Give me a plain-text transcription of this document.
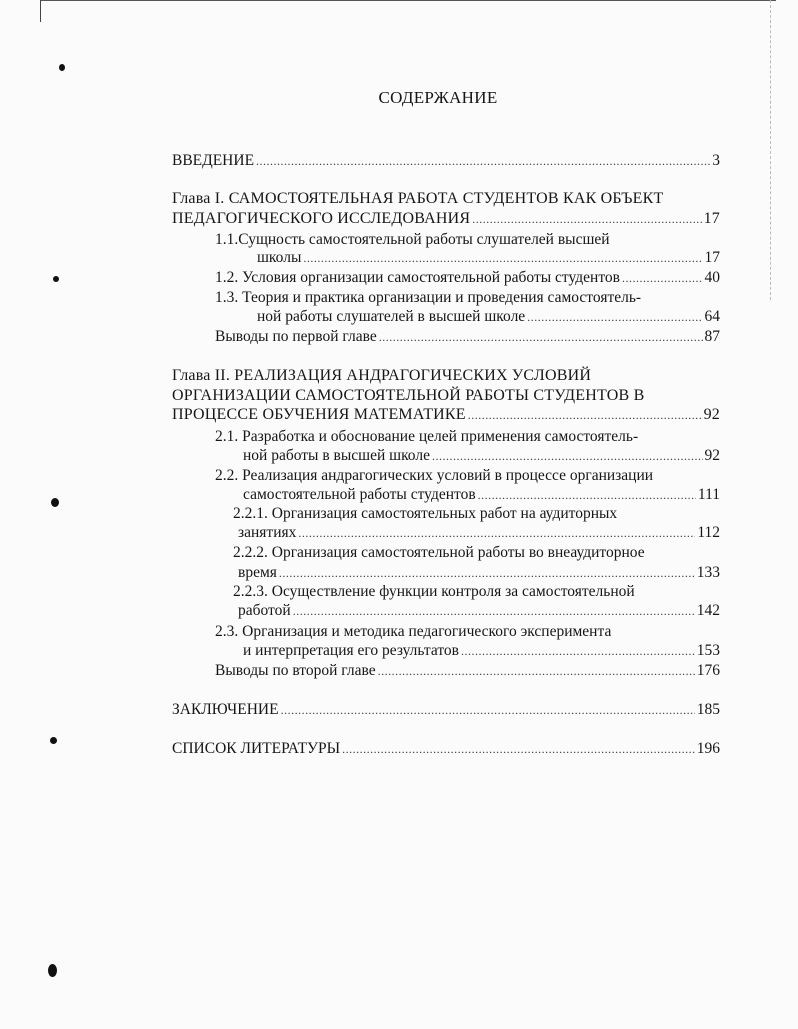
СОДЕРЖАНИЕ
ВВЕДЕНИЕ .....	3
Глава I. САМОСТОЯТЕЛЬНАЯ РАБОТА СТУДЕНТОВ КАК ОБЪЕКТ
ПЕДАГОГИЧЕСКОГО ИССЛЕДОВАНИЯ .....	17
1.1.Сущность самостоятельной работы слушателей высшей
школы .....	17
1.2. Условия организации самостоятельной работы студентов .....	40
1.3. Теория и практика организации и проведения самостоятель-
ной работы слушателей в высшей школе .....	64
Выводы по первой главе .....	87
Глава II. РЕАЛИЗАЦИЯ АНДРАГОГИЧЕСКИХ УСЛОВИЙ
ОРГАНИЗАЦИИ САМОСТОЯТЕЛЬНОЙ РАБОТЫ СТУДЕНТОВ В
ПРОЦЕССЕ ОБУЧЕНИЯ МАТЕМАТИКЕ .....	92
2.1. Разработка и обоснование целей применения самостоятель-
ной работы в высшей школе .....	92
2.2. Реализация андрагогических условий в процессе организации
самостоятельной работы студентов .....	111
2.2.1. Организация самостоятельных работ на аудиторных
занятиях .....	112
2.2.2. Организация самостоятельной работы во внеаудиторное
время .....	133
2.2.3. Осуществление функции контроля за самостоятельной
работой .....	142
2.3. Организация и методика педагогического эксперимента
и интерпретация его результатов .....	153
Выводы по второй главе .....	176
ЗАКЛЮЧЕНИЕ .....	185
СПИСОК ЛИТЕРАТУРЫ .....	196
